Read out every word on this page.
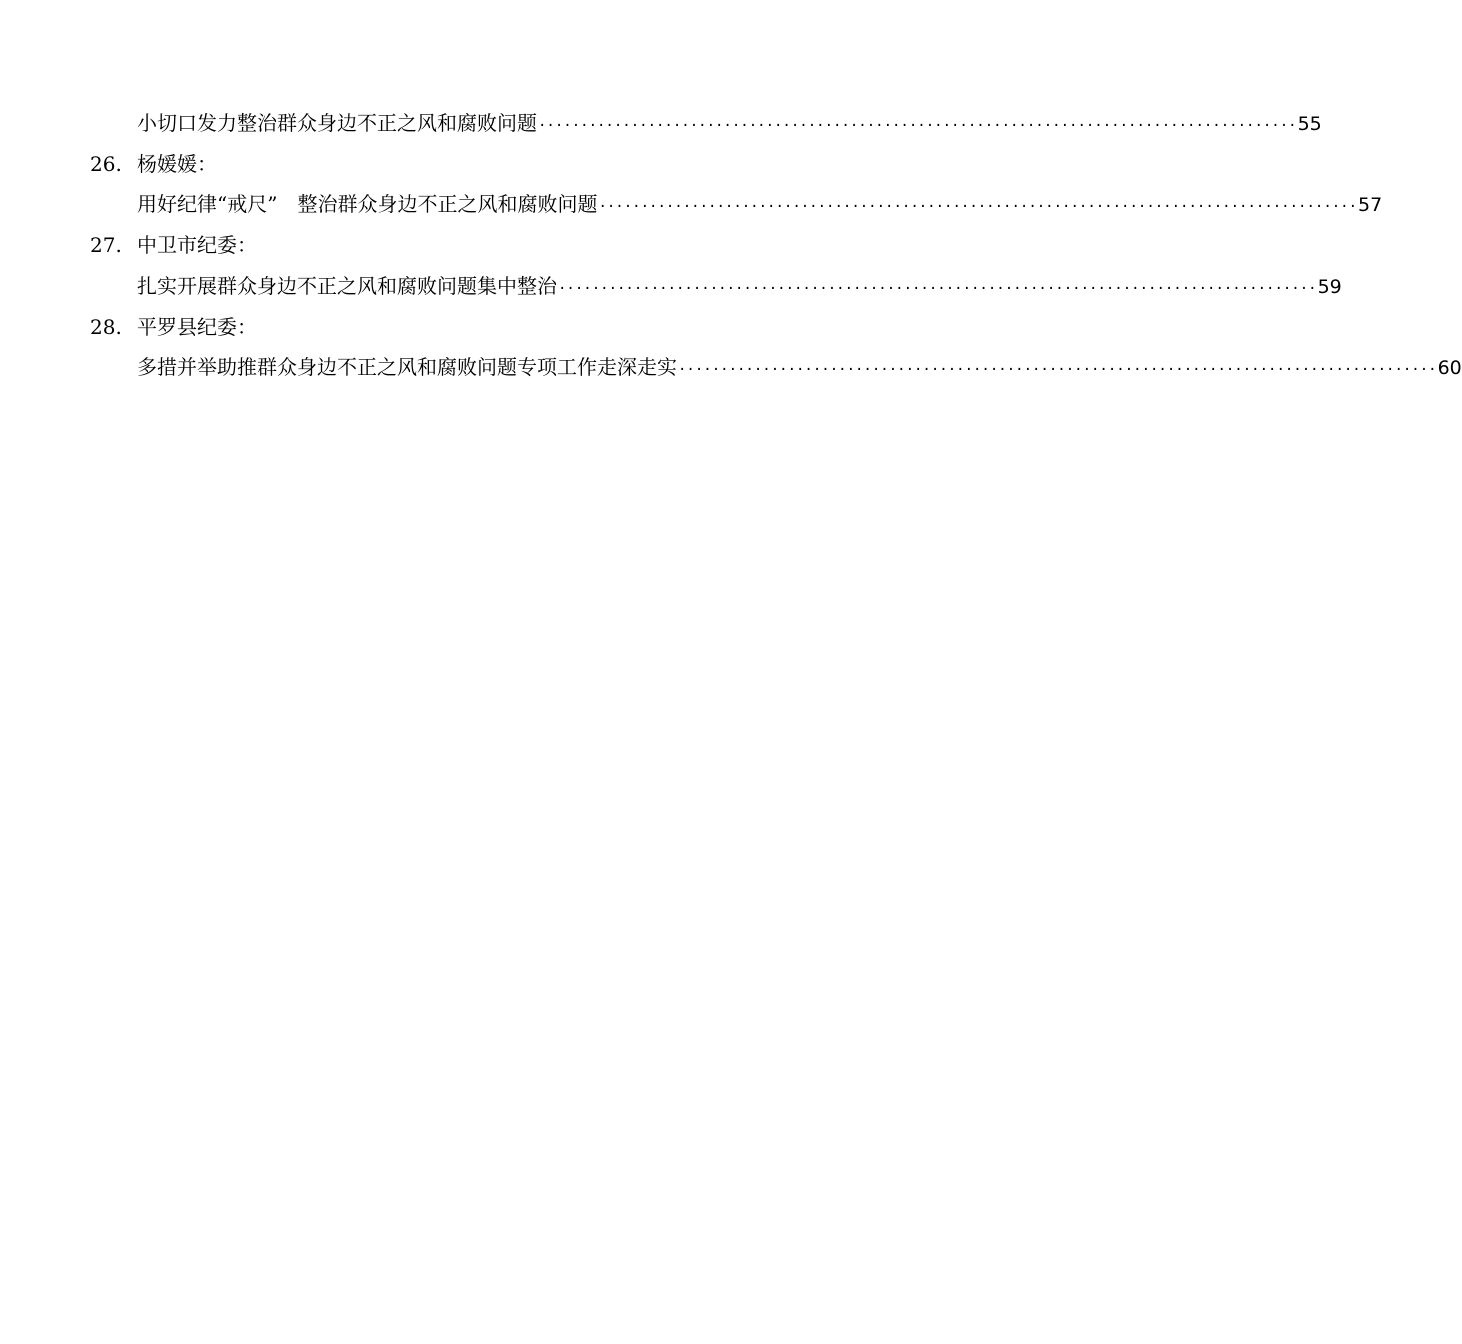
小切口发力整治群众身边不正之风和腐败问题 ·························································································· 55
26. 杨媛媛：
用好纪律“戒尺”　整治群众身边不正之风和腐败问题 ·························································································· 57
27. 中卫市纪委：
扎实开展群众身边不正之风和腐败问题集中整治 ·························································································· 59
28. 平罗县纪委：
多措并举助推群众身边不正之风和腐败问题专项工作走深走实 ·························································································· 60
